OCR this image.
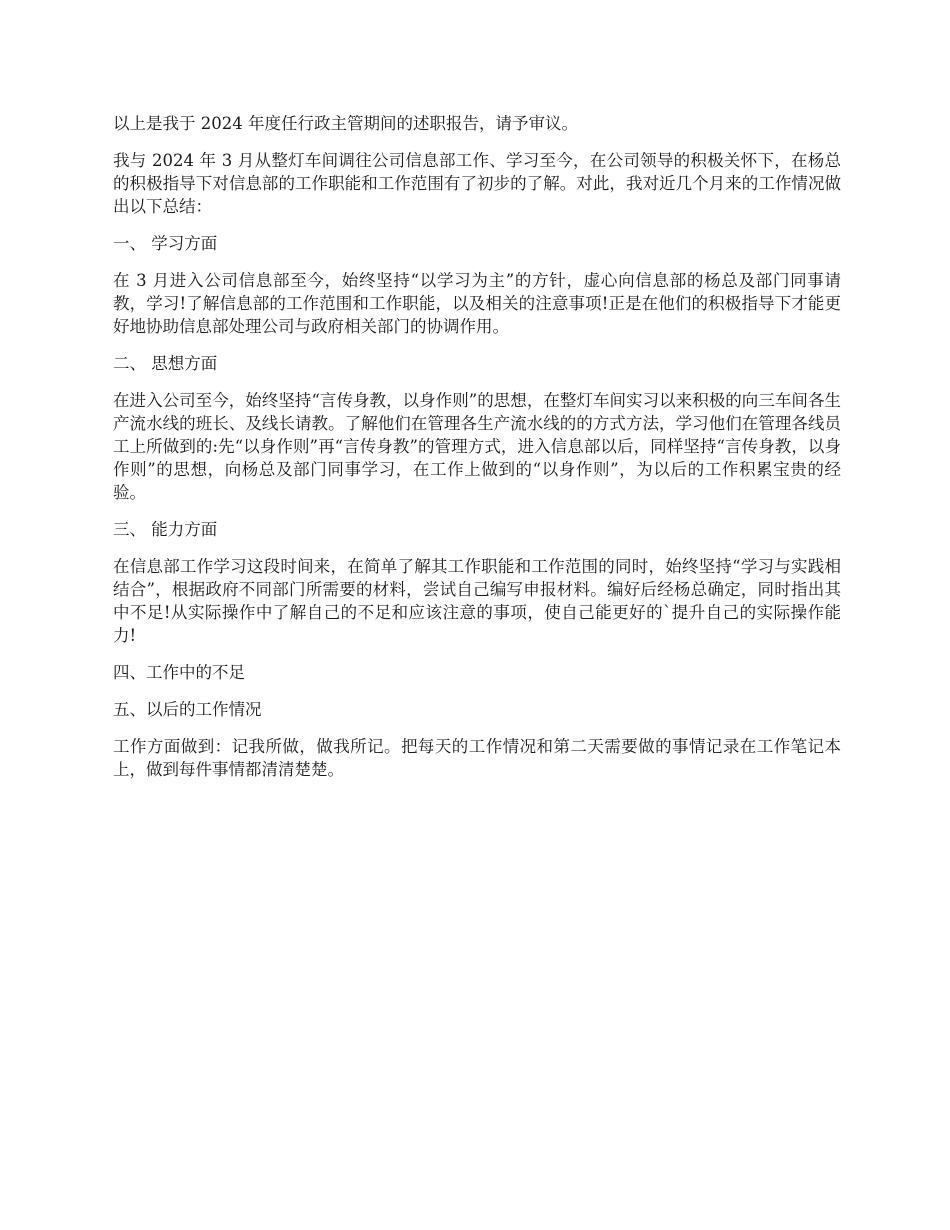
以上是我于 2024 年度任行政主管期间的述职报告，请予审议。

我与 2024 年 3 月从整灯车间调往公司信息部工作、学习至今，在公司领导的积极关怀下，在杨总的积极指导下对信息部的工作职能和工作范围有了初步的了解。对此，我对近几个月来的工作情况做出以下总结：

一、 学习方面

在 3 月进入公司信息部至今，始终坚持“以学习为主”的方针，虚心向信息部的杨总及部门同事请教，学习!了解信息部的工作范围和工作职能，以及相关的注意事项!正是在他们的积极指导下才能更好地协助信息部处理公司与政府相关部门的协调作用。

二、 思想方面

在进入公司至今，始终坚持“言传身教，以身作则”的思想，在整灯车间实习以来积极的向三车间各生产流水线的班长、及线长请教。了解他们在管理各生产流水线的的方式方法，学习他们在管理各线员工上所做到的:先“以身作则”再“言传身教”的管理方式，进入信息部以后，同样坚持“言传身教，以身作则”的思想，向杨总及部门同事学习，在工作上做到的“以身作则”，为以后的工作积累宝贵的经验。

三、 能力方面

在信息部工作学习这段时间来，在简单了解其工作职能和工作范围的同时，始终坚持“学习与实践相结合”，根据政府不同部门所需要的材料，尝试自己编写申报材料。编好后经杨总确定，同时指出其中不足!从实际操作中了解自己的不足和应该注意的事项，使自己能更好的`提升自己的实际操作能力!

四、工作中的不足

五、以后的工作情况

工作方面做到：记我所做，做我所记。把每天的工作情况和第二天需要做的事情记录在工作笔记本上，做到每件事情都清清楚楚。
